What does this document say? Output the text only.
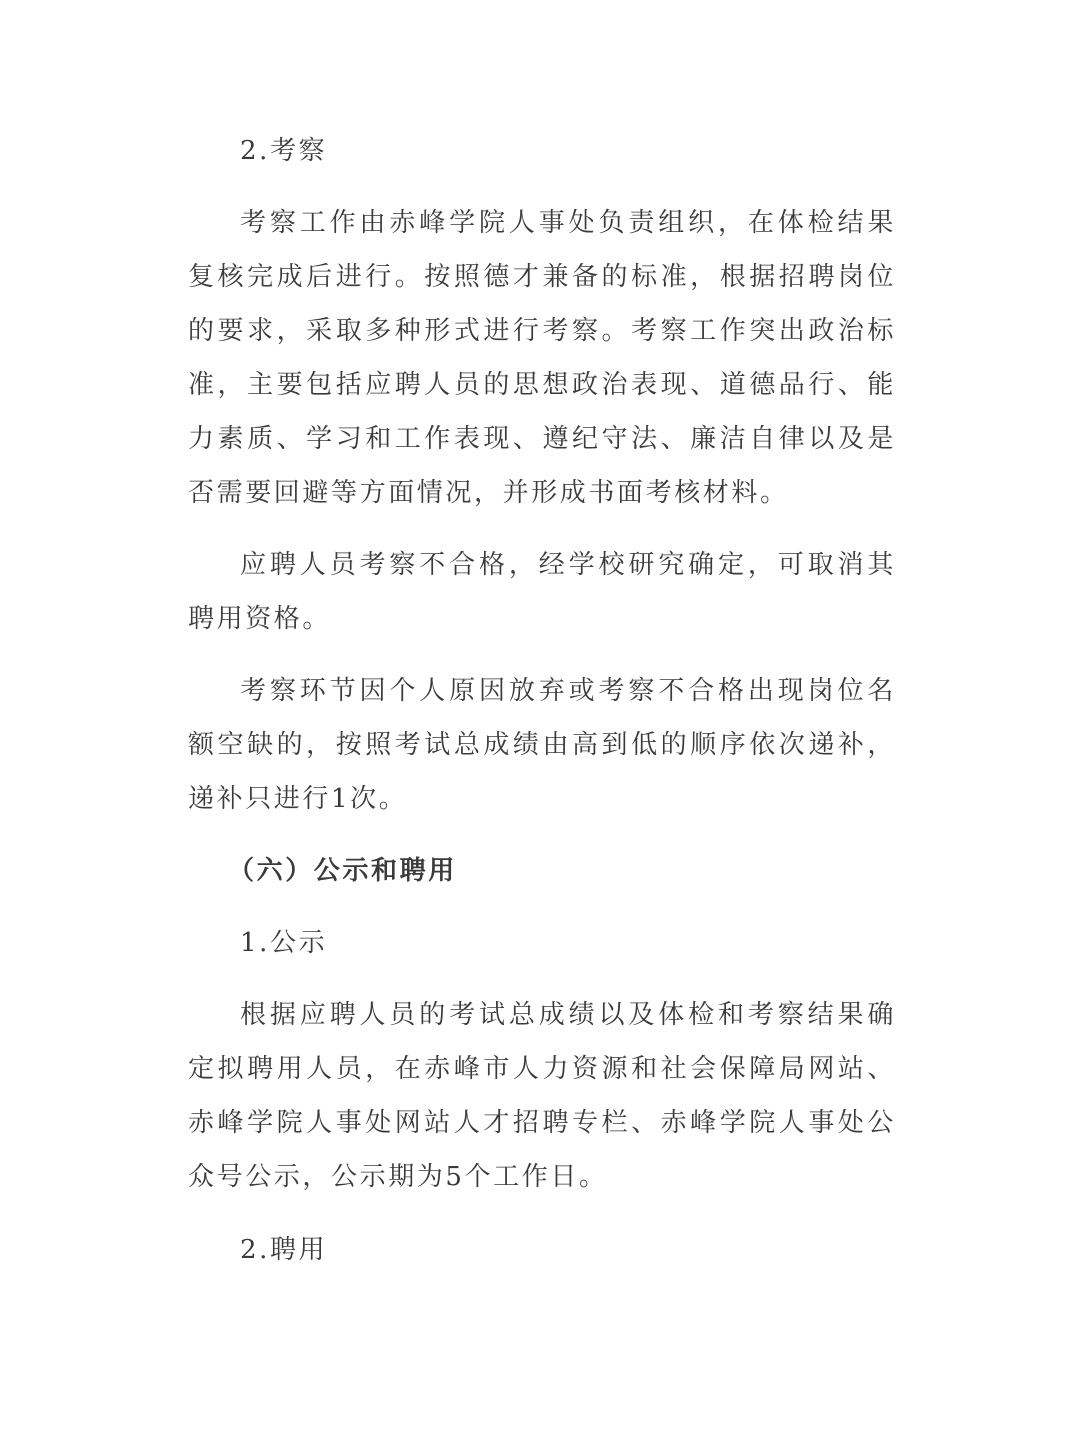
2.考察

考察工作由赤峰学院人事处负责组织，在体检结果复核完成后进行。按照德才兼备的标准，根据招聘岗位的要求，采取多种形式进行考察。考察工作突出政治标准，主要包括应聘人员的思想政治表现、道德品行、能力素质、学习和工作表现、遵纪守法、廉洁自律以及是否需要回避等方面情况，并形成书面考核材料。

应聘人员考察不合格，经学校研究确定，可取消其聘用资格。

考察环节因个人原因放弃或考察不合格出现岗位名额空缺的，按照考试总成绩由高到低的顺序依次递补，递补只进行1次。

（六）公示和聘用

1.公示

根据应聘人员的考试总成绩以及体检和考察结果确定拟聘用人员，在赤峰市人力资源和社会保障局网站、赤峰学院人事处网站人才招聘专栏、赤峰学院人事处公众号公示，公示期为5个工作日。

2.聘用
